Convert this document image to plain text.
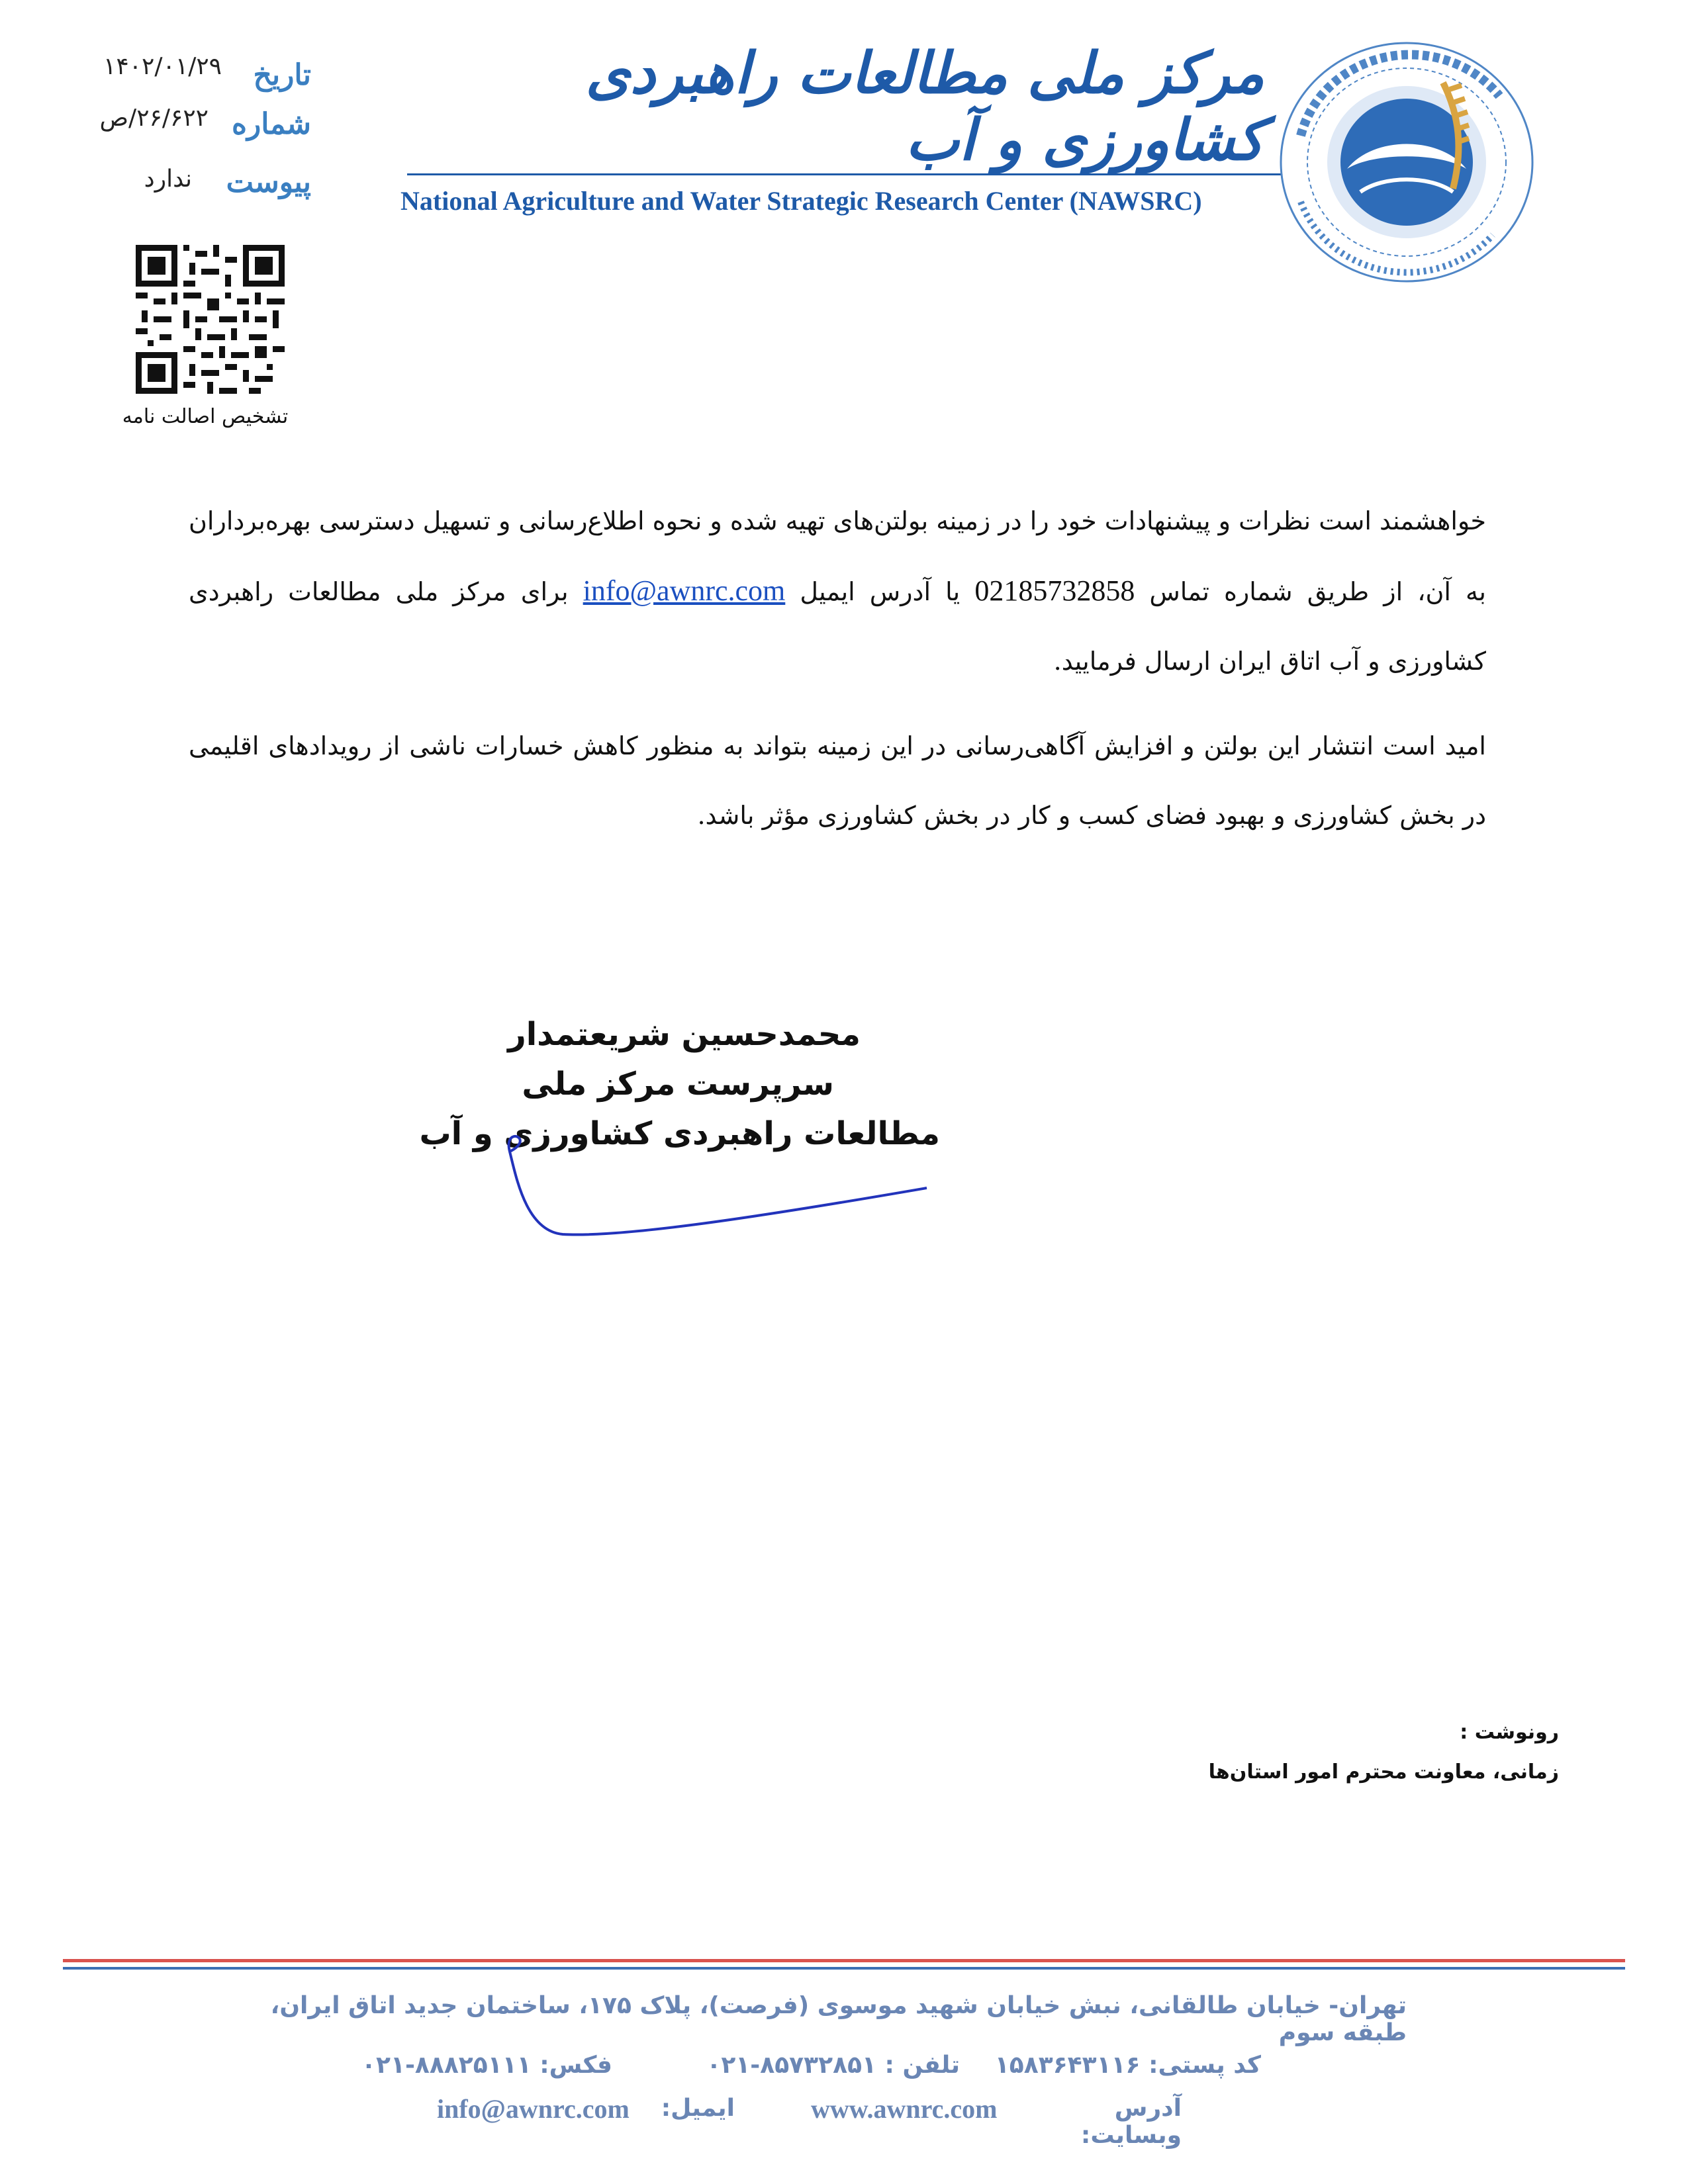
تاریخ
۱۴۰۲/۰۱/۲۹
شماره
۲۶/۶۲۲/ص
پیوست
ندارد
تشخیص اصالت نامه
مرکز ملی مطالعات راهبردی کشاورزی و آب
National Agriculture and Water Strategic Research Center (NAWSRC)
خواهشمند است نظرات و پیشنهادات خود را در زمینه بولتن‌های تهیه شده و نحوه اطلاع‌رسانی و تسهیل دسترسی بهره‌برداران به آن، از طریق شماره تماس 02185732858 یا آدرس ایمیل info@awnrc.com برای مرکز ملی مطالعات راهبردی کشاورزی و آب اتاق ایران ارسال فرمایید.
امید است انتشار این بولتن و افزایش آگاهی‌رسانی در این زمینه بتواند به منظور کاهش خسارات ناشی از رویدادهای اقلیمی در بخش کشاورزی و بهبود فضای کسب و کار در بخش کشاورزی مؤثر باشد.
محمدحسین شریعتمدار
سرپرست مرکز ملی
مطالعات راهبردی کشاورزی و آب
رونوشت :
زمانی، معاونت محترم امور استان‌ها
تهران- خیابان طالقانی، نبش خیابان شهید موسوی (فرصت)، پلاک ۱۷۵، ساختمان جدید اتاق ایران، طبقه سوم
کد پستی: ۱۵۸۳۶۴۳۱۱۶
تلفن : ۸۵۷۳۲۸۵۱-۰۲۱
فکس: ۸۸۸۲۵۱۱۱-۰۲۱
آدرس وبسایت:
www.awnrc.com
ایمیل:
info@awnrc.com
